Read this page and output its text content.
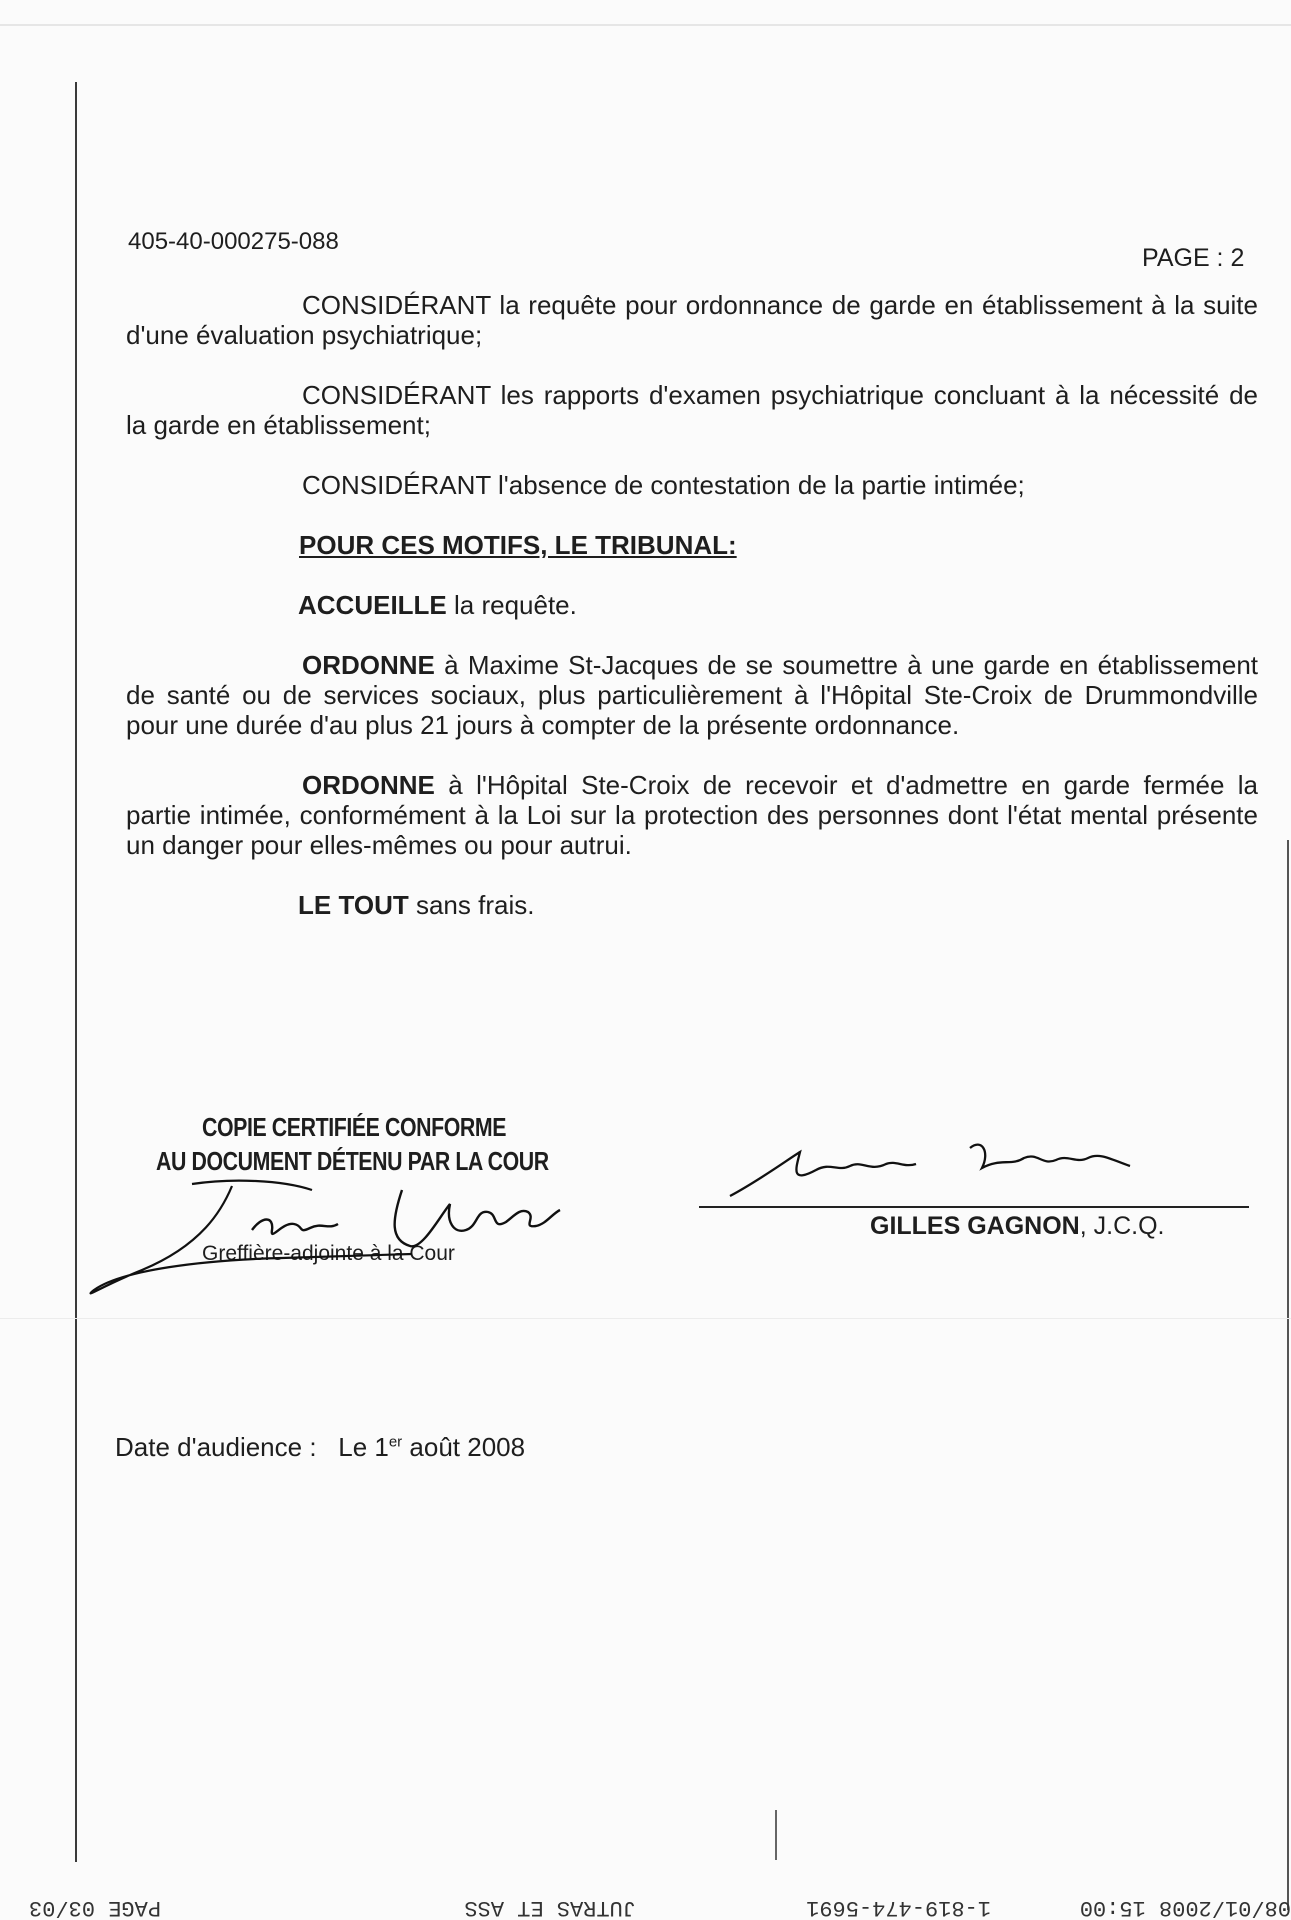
405-40-000275-088
PAGE : 2

CONSIDÉRANT la requête pour ordonnance de garde en établissement à la suite d'une évaluation psychiatrique;

CONSIDÉRANT les rapports d'examen psychiatrique concluant à la nécessité de la garde en établissement;

CONSIDÉRANT l'absence de contestation de la partie intimée;

POUR CES MOTIFS, LE TRIBUNAL:

ACCUEILLE la requête.

ORDONNE à Maxime St-Jacques de se soumettre à une garde en établissement de santé ou de services sociaux, plus particulièrement à l'Hôpital Ste-Croix de Drummondville pour une durée d'au plus 21 jours à compter de la présente ordonnance.

ORDONNE à l'Hôpital Ste-Croix de recevoir et d'admettre en garde fermée la partie intimée, conformément à la Loi sur la protection des personnes dont l'état mental présente un danger pour elles-mêmes ou pour autrui.

LE TOUT sans frais.

COPIE CERTIFIÉE CONFORME
AU DOCUMENT DÉTENU PAR LA COUR
Greffière-adjointe à la Cour
GILLES GAGNON, J.C.Q.
Date d'audience : Le 1er août 2008
08/01/2008 15:00
1-819-474-5691
JUTRAS ET ASS
PAGE 03/03
